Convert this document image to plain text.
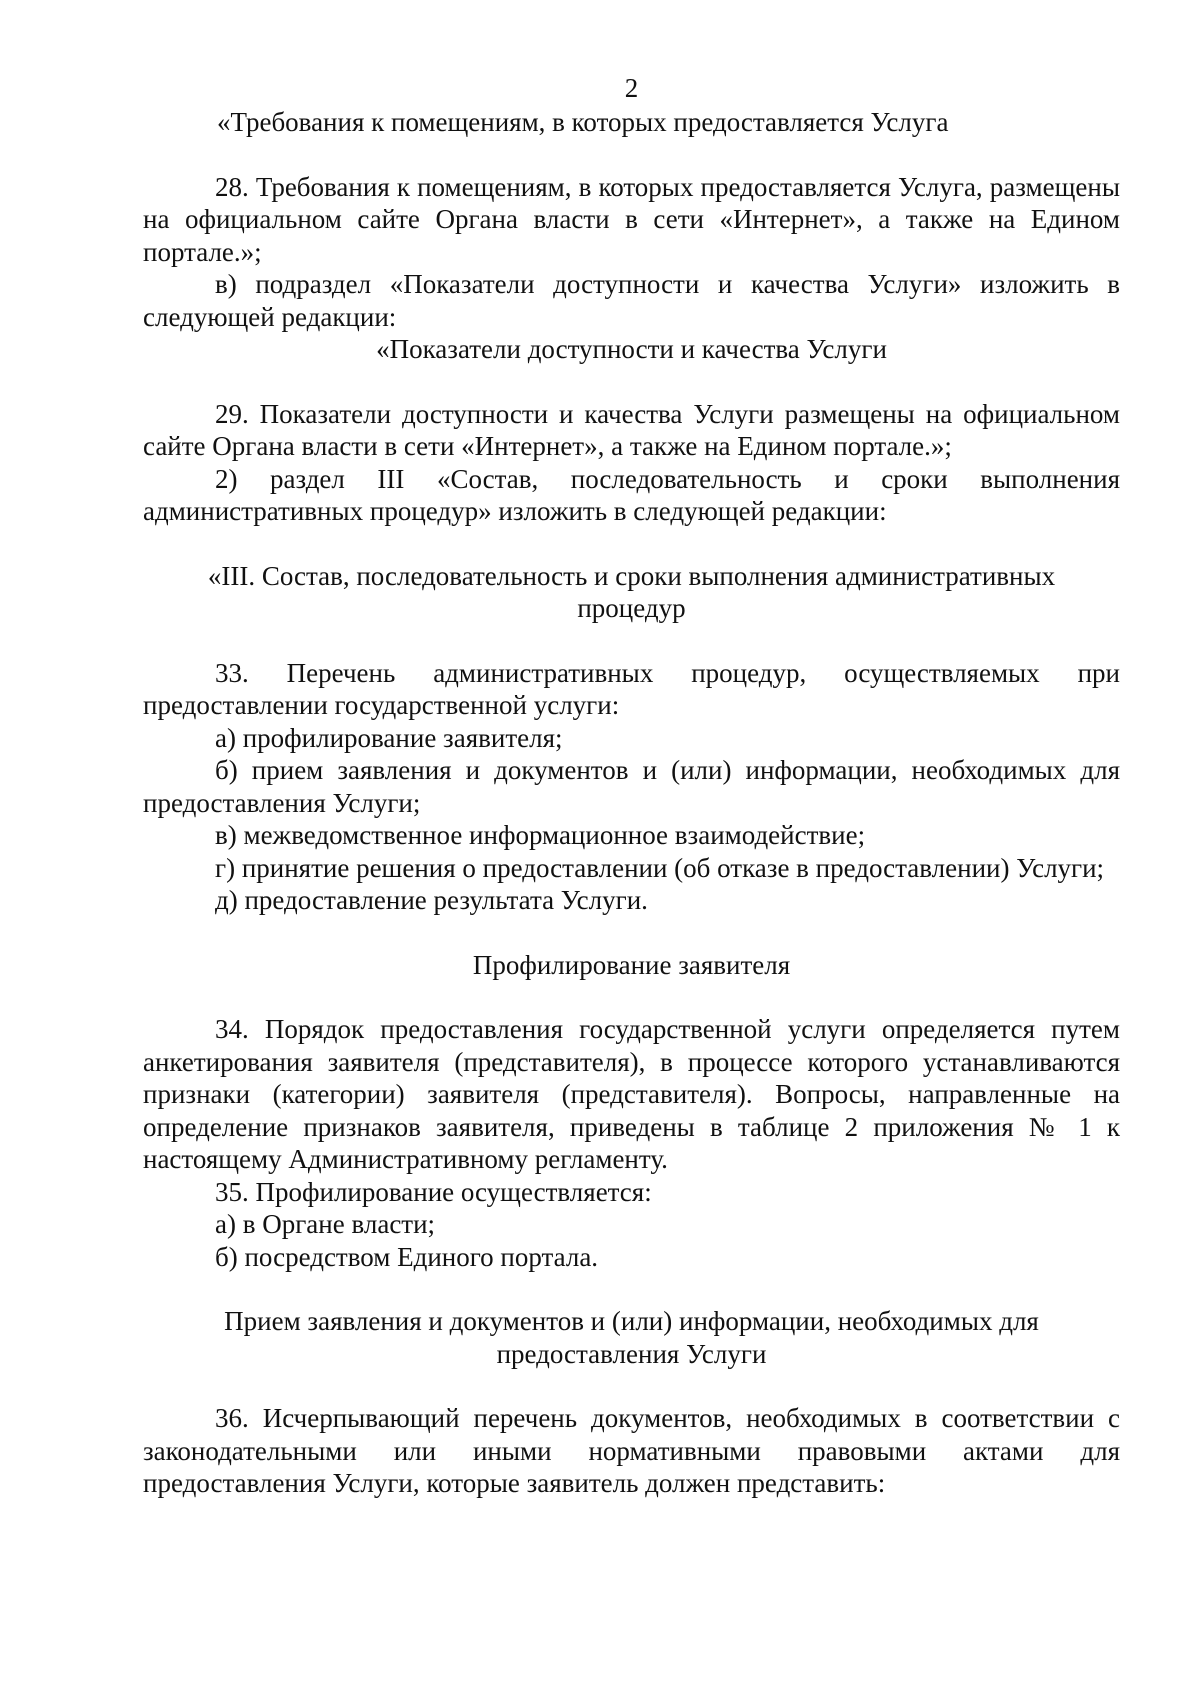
2

«Требования к помещениям, в которых предоставляется Услуга

28. Требования к помещениям, в которых предоставляется Услуга, размещены на официальном сайте Органа власти в сети «Интернет», а также на Едином портале.»;

в) подраздел «Показатели доступности и качества Услуги» изложить в следующей редакции:

«Показатели доступности и качества Услуги

29. Показатели доступности и качества Услуги размещены на официальном сайте Органа власти в сети «Интернет», а также на Едином портале.»;

2) раздел III «Состав, последовательность и сроки выполнения административных процедур» изложить в следующей редакции:

«III. Состав, последовательность и сроки выполнения административных

процедур

33. Перечень административных процедур, осуществляемых при предоставлении государственной услуги:

а) профилирование заявителя;

б) прием заявления и документов и (или) информации, необходимых для предоставления Услуги;

в) межведомственное информационное взаимодействие;

г) принятие решения о предоставлении (об отказе в предоставлении) Услуги;

д) предоставление результата Услуги.

Профилирование заявителя

34. Порядок предоставления государственной услуги определяется путем анкетирования заявителя (представителя), в процессе которого устанавливаются признаки (категории) заявителя (представителя). Вопросы, направленные на определение признаков заявителя, приведены в таблице 2 приложения № 1 к настоящему Административному регламенту.

35. Профилирование осуществляется:

а) в Органе власти;

б) посредством Единого портала.

Прием заявления и документов и (или) информации, необходимых для

предоставления Услуги

36. Исчерпывающий перечень документов, необходимых в соответствии с законодательными или иными нормативными правовыми актами для предоставления Услуги, которые заявитель должен представить:
